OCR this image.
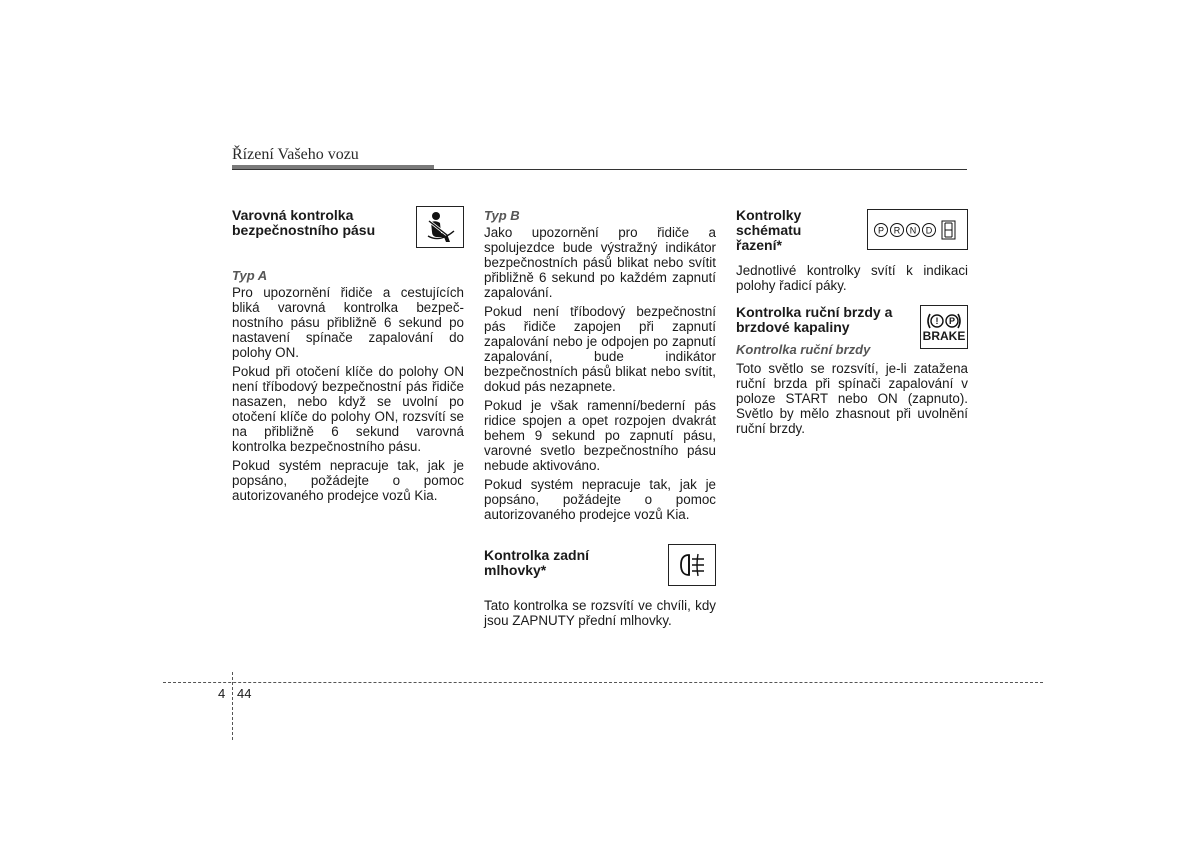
Řízení Vašeho vozu
Varovná kontrolka bezpečnostního pásu
Typ A

Pro upozornění řidiče a cestujících bliká varovná kontrolka bezpeč-nostního pásu přibližně 6 sekund po nastavení spínače zapalování do polohy ON.

Pokud při otočení klíče do polohy ON není tříbodový bezpečnostní pás řidiče nasazen, nebo když se uvolní po otočení klíče do polohy ON, rozsvítí se na přibližně 6 sekund varovná kontrolka bezpečnostního pásu.

Pokud systém nepracuje tak, jak je popsáno, požádejte o pomoc autorizovaného prodejce vozů Kia.

Typ B

Jako upozornění pro řidiče a spolujezdce bude výstražný indikátor bezpečnostních pásů blikat nebo svítit přibližně 6 sekund po každém zapnutí zapalování.

Pokud není tříbodový bezpečnostní pás řidiče zapojen při zapnutí zapalování nebo je odpojen po zapnutí zapalování, bude indikátor bezpečnostních pásů blikat nebo svítit, dokud pás nezapnete.

Pokud je však ramenní/bederní pás ridice spojen a opet rozpojen dvakrát behem 9 sekund po zapnutí pásu, varovné svetlo bezpečnostního pásu nebude aktivováno.

Pokud systém nepracuje tak, jak je popsáno, požádejte o pomoc autorizovaného prodejce vozů Kia.

Kontrolka zadní mlhovky*

Tato kontrolka se rozsvítí ve chvíli, kdy jsou ZAPNUTY přední mlhovky.

Kontrolky schématu řazení*
P R N D

Jednotlivé kontrolky svítí k indikaci polohy řadicí páky.

Kontrolka ruční brzdy a brzdové kapaliny
Kontrolka ruční brzdy
! P
BRAKE

Toto světlo se rozsvítí, je-li zatažena ruční brzda při spínači zapalování v poloze START nebo ON (zapnuto). Světlo by mělo zhasnout při uvolnění ruční brzdy.

4 44
